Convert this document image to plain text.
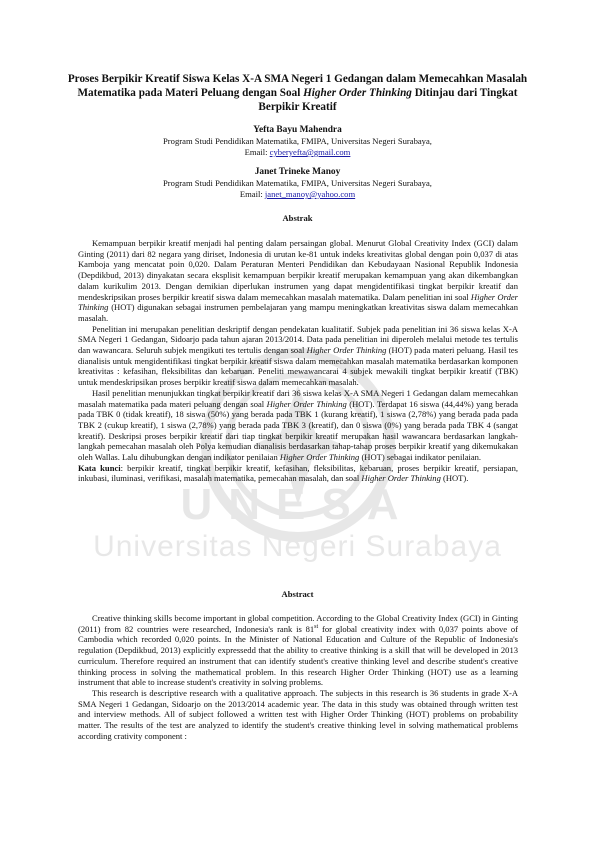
UNESA
Universitas Negeri Surabaya
Proses Berpikir Kreatif Siswa Kelas X-A SMA Negeri 1 Gedangan dalam Memecahkan Masalah Matematika pada Materi Peluang dengan Soal Higher Order Thinking Ditinjau dari Tingkat Berpikir Kreatif
Yefta Bayu Mahendra
Program Studi Pendidikan Matematika, FMIPA, Universitas Negeri Surabaya,
Email: cyberyefta@gmail.com
Janet Trineke Manoy
Program Studi Pendidikan Matematika, FMIPA, Universitas Negeri Surabaya,
Email: janet_manoy@yahoo.com
Abstrak

Kemampuan berpikir kreatif menjadi hal penting dalam persaingan global. Menurut Global Creativity Index (GCI) dalam Ginting (2011) dari 82 negara yang diriset, Indonesia di urutan ke-81 untuk indeks kreativitas global dengan poin 0,037 di atas Kamboja yang mencatat poin 0,020. Dalam Peraturan Menteri Pendidikan dan Kebudayaan Nasional Republik Indonesia (Depdikbud, 2013) dinyakatan secara eksplisit kemampuan berpikir kreatif merupakan kemampuan yang akan dikembangkan dalam kurikulim 2013. Dengan demikian diperlukan instrumen yang dapat mengidentifikasi tingkat berpikir kreatif dan mendeskripsikan proses berpikir kreatif siswa dalam memecahkan masalah matematika. Dalam penelitian ini soal Higher Order Thinking (HOT) digunakan sebagai instrumen pembelajaran yang mampu meningkatkan kreativitas siswa dalam memecahkan masalah.

Penelitian ini merupakan penelitian deskriptif dengan pendekatan kualitatif. Subjek pada penelitian ini 36 siswa kelas X-A SMA Negeri 1 Gedangan, Sidoarjo pada tahun ajaran 2013/2014. Data pada penelitian ini diperoleh melalui metode tes tertulis dan wawancara. Seluruh subjek mengikuti tes tertulis dengan soal Higher Order Thinking (HOT) pada materi peluang. Hasil tes dianalisis untuk mengidentifikasi tingkat berpikir kreatif siswa dalam memecahkan masalah matematika berdasarkan komponen kreativitas : kefasihan, fleksibilitas dan kebaruan. Peneliti mewawancarai 4 subjek mewakili tingkat berpikir kreatif (TBK) untuk mendeskripsikan proses berpikir kreatif siswa dalam memecahkan masalah.

Hasil penelitian menunjukkan tingkat berpikir kreatif dari 36 siswa kelas X-A SMA Negeri 1 Gedangan dalam memecahkan masalah matematika pada materi peluang dengan soal Higher Order Thinking (HOT). Terdapat 16 siswa (44,44%) yang berada pada TBK 0 (tidak kreatif), 18 siswa (50%) yang berada pada TBK 1 (kurang kreatif), 1 siswa (2,78%) yang berada pada pada TBK 2 (cukup kreatif), 1 siswa (2,78%) yang berada pada TBK 3 (kreatif), dan 0 siswa (0%) yang berada pada TBK 4 (sangat kreatif). Deskripsi proses berpikir kreatif dari tiap tingkat berpikir kreatif merupakan hasil wawancara berdasarkan langkah-langkah pemecahan masalah oleh Polya kemudian dianalisis berdasarkan tahap-tahap proses berpikir kreatif yang dikemukakan oleh Wallas. Lalu dihubungkan dengan indikator penilaian Higher Order Thinking (HOT) sebagai indikator penilaian.

Kata kunci: berpikir kreatif, tingkat berpikir kreatif, kefasihan, fleksibilitas, kebaruan, proses berpikir kreatif, persiapan, inkubasi, iluminasi, verifikasi, masalah matematika, pemecahan masalah, dan soal Higher Order Thinking (HOT).

Abstract

Creative thinking skills become important in global competition. According to the Global Creativity Index (GCI) in Ginting (2011) from 82 countries were researched, Indonesia's rank is 81st for global creativity index with 0,037 points above of Cambodia which recorded 0,020 points. In the Minister of National Education and Culture of the Republic of Indonesia's regulation (Depdikbud, 2013) explicitly expressedd that the ability to creative thinking is a skill that will be developed in 2013 curriculum. Therefore required an instrument that can identify student's creative thinking level and describe student's creative thinking process in solving the mathematical problem. In this research Higher Order Thinking (HOT) use as a learning instrument that able to increase student's creativity in solving problems.

This research is descriptive research with a qualitative approach. The subjects in this research is 36 students in grade X-A SMA Negeri 1 Gedangan, Sidoarjo on the 2013/2014 academic year. The data in this study was obtained through written test and interview methods. All of subject followed a written test with Higher Order Thinking (HOT) problems on probability matter. The results of the test are analyzed to identify the student's creative thinking level in solving mathematical problems according crativity component :
